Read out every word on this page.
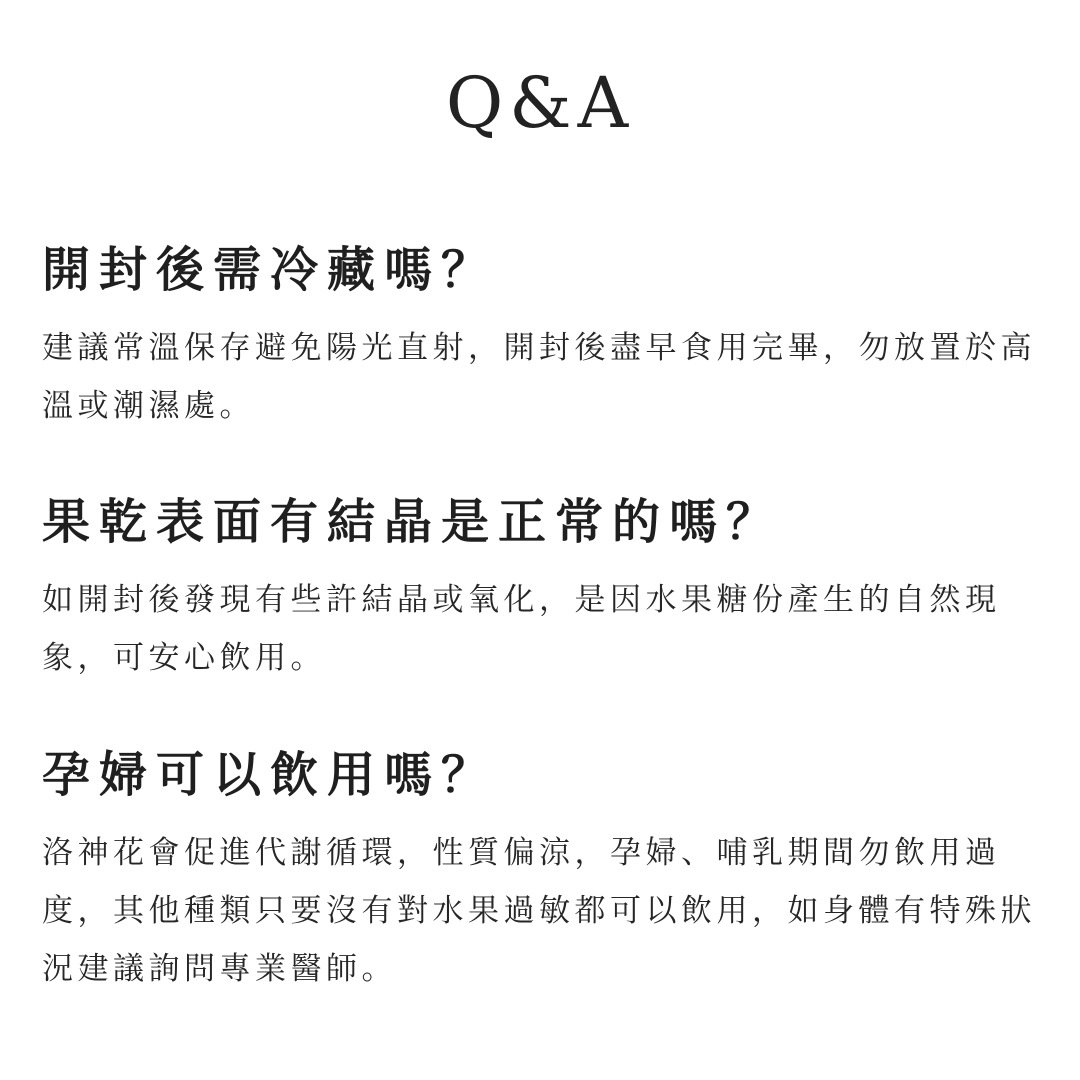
Q&A
開封後需冷藏嗎？

建議常溫保存避免陽光直射，開封後盡早食用完畢，勿放置於高溫或潮濕處。

果乾表面有結晶是正常的嗎？

如開封後發現有些許結晶或氧化，是因水果糖份產生的自然現象，可安心飲用。

孕婦可以飲用嗎？

洛神花會促進代謝循環，性質偏涼，孕婦、哺乳期間勿飲用過度，其他種類只要沒有對水果過敏都可以飲用，如身體有特殊狀況建議詢問專業醫師。
